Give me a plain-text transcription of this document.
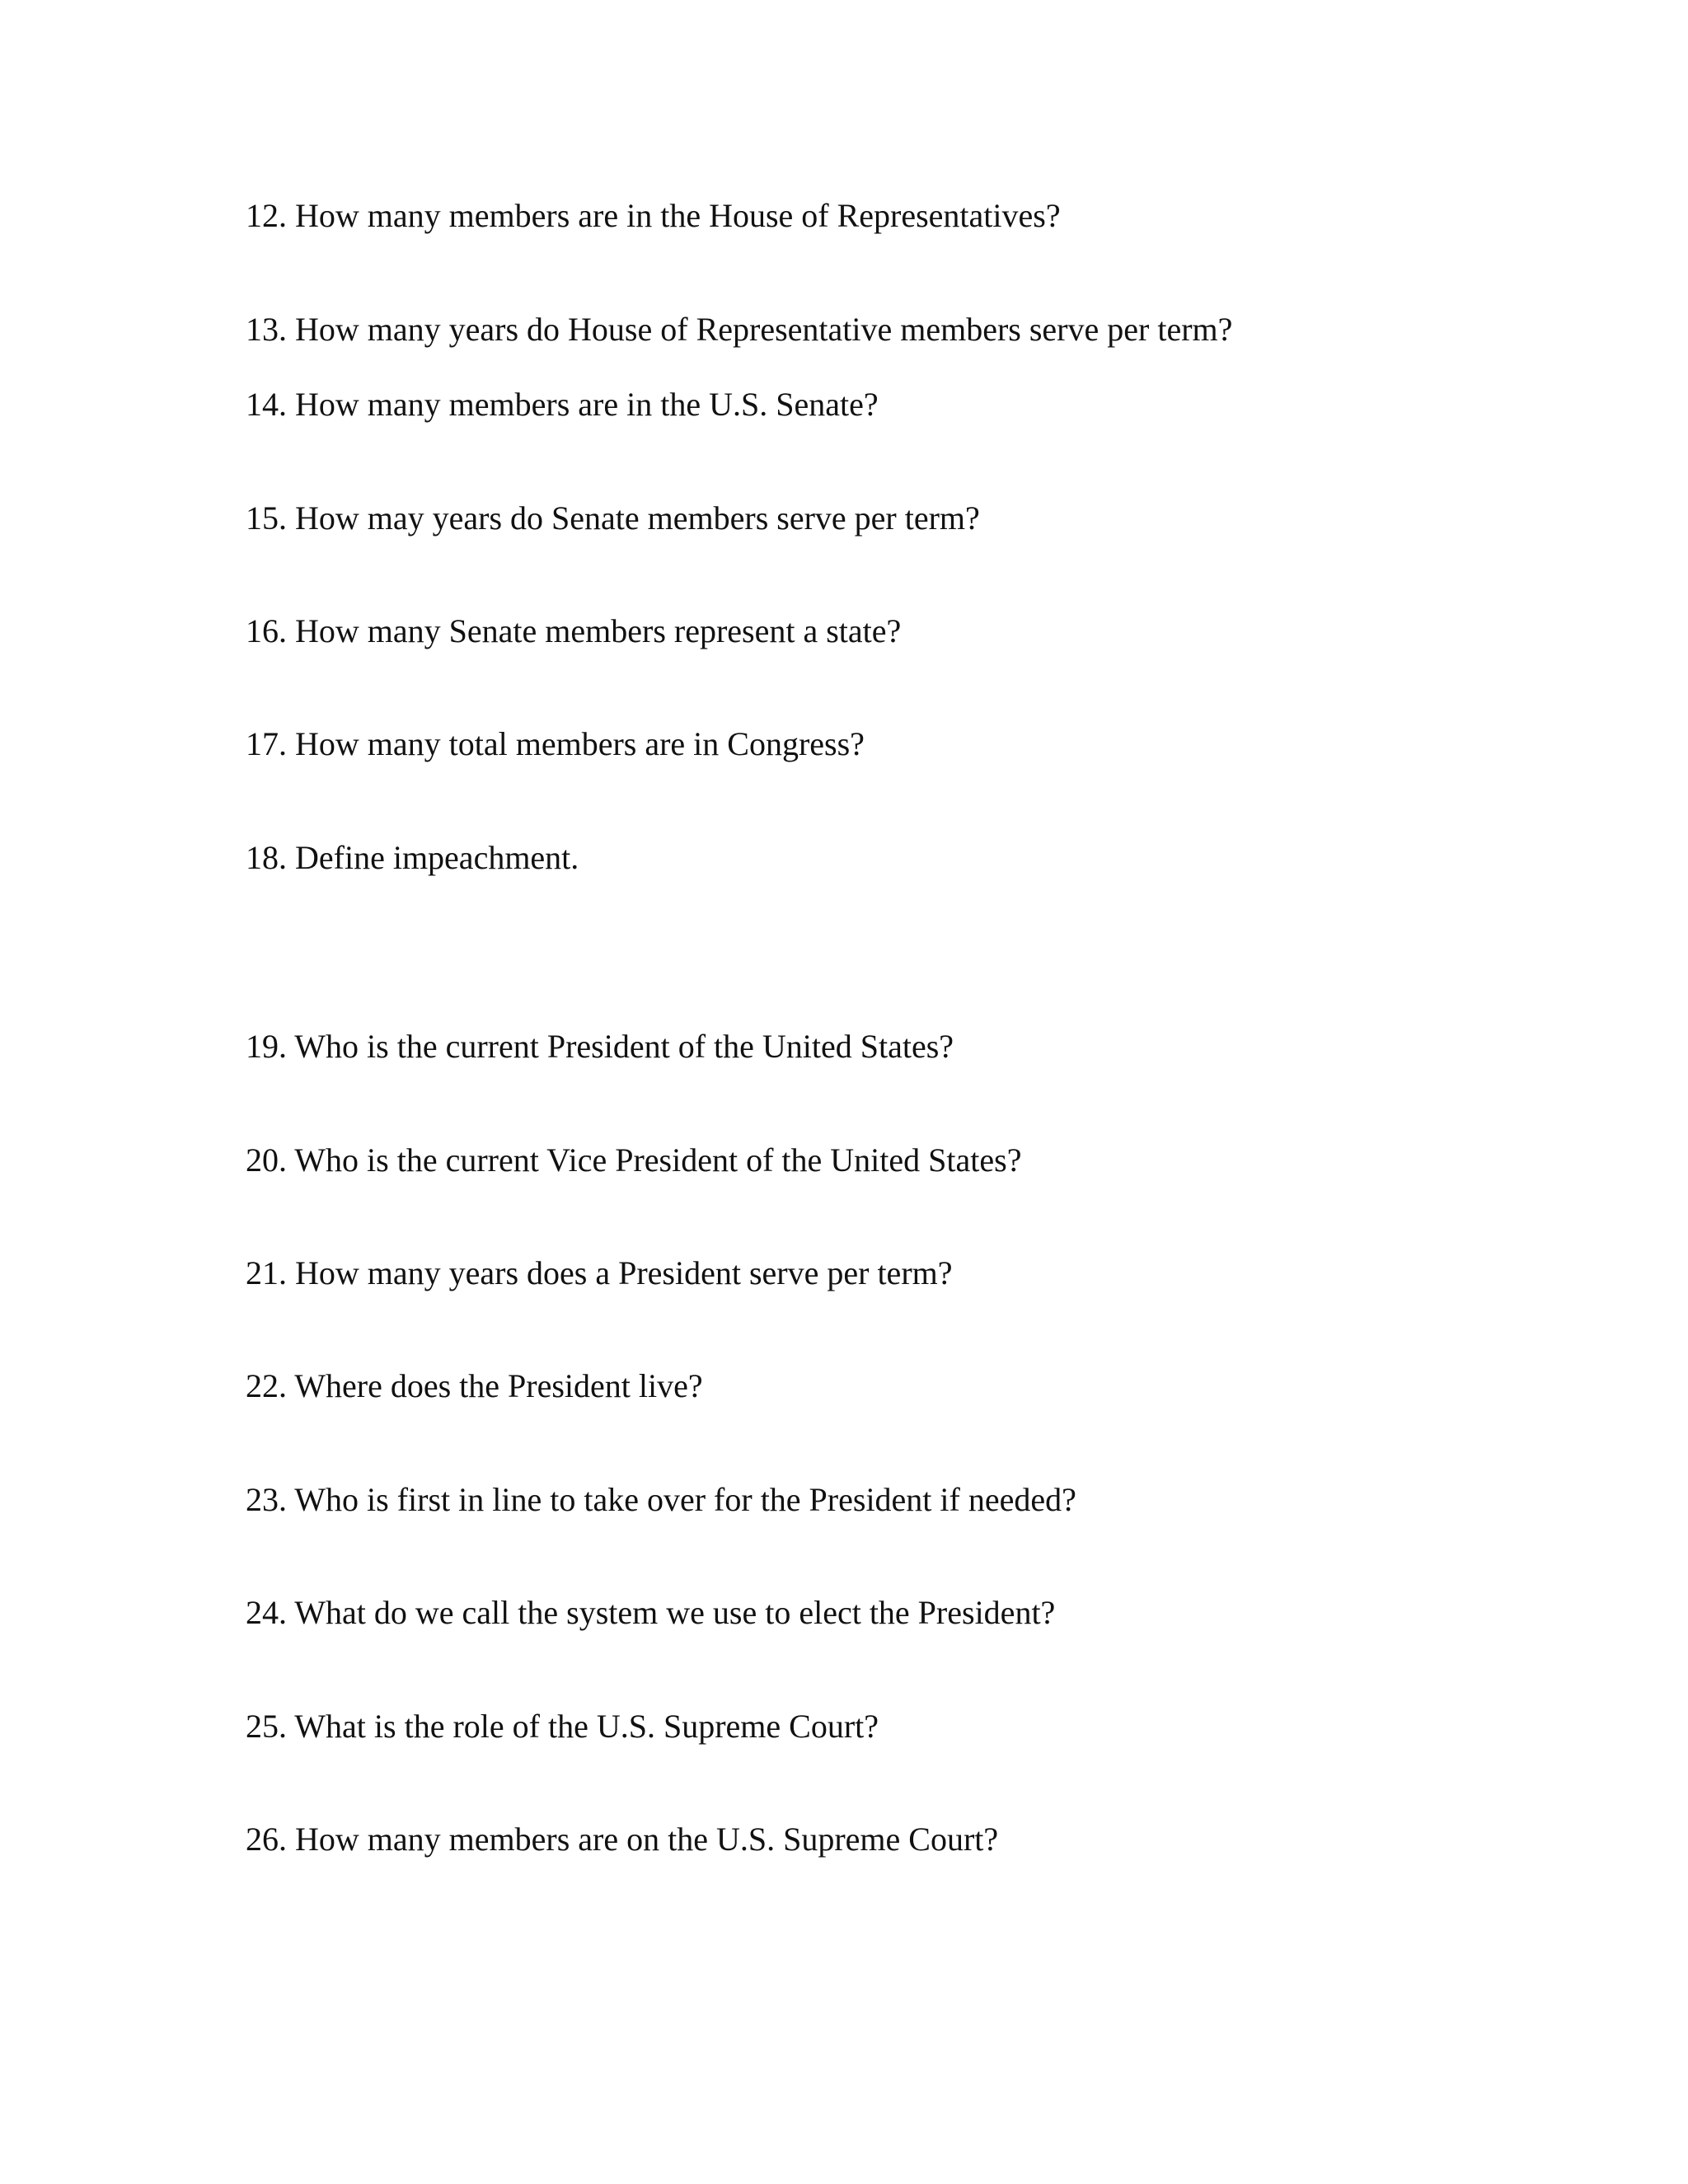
12. How many members are in the House of Representatives?

13. How many years do House of Representative members serve per term?

14. How many members are in the U.S. Senate?

15. How may years do Senate members serve per term?

16. How many Senate members represent a state?

17. How many total members are in Congress?

18. Define impeachment.

19. Who is the current President of the United States?

20. Who is the current Vice President of the United States?

21. How many years does a President serve per term?

22. Where does the President live?

23. Who is first in line to take over for the President if needed?

24. What do we call the system we use to elect the President?

25. What is the role of the U.S. Supreme Court?

26. How many members are on the U.S. Supreme Court?
